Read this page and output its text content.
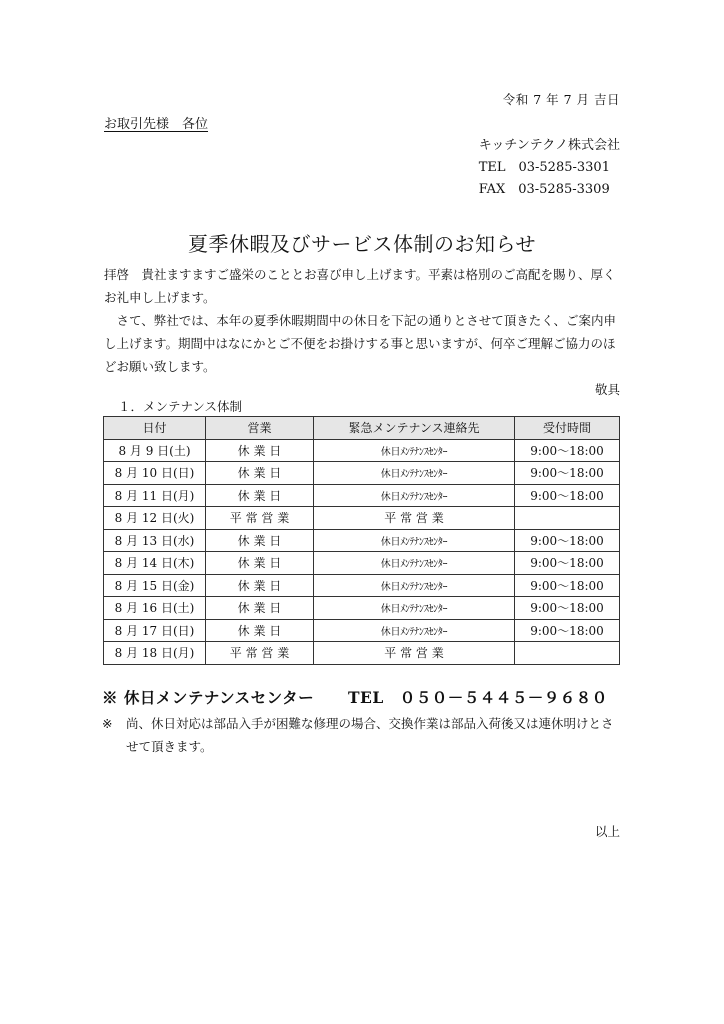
令和 7 年 7 月 吉日
お取引先様　各位
キッチンテクノ株式会社
TEL　03-5285-3301
FAX　03-5285-3309
夏季休暇及びサービス体制のお知らせ

拝啓　貴社ますますご盛栄のこととお喜び申し上げます。平素は格別のご高配を賜り、厚くお礼申し上げます。

　さて、弊社では、本年の夏季休暇期間中の休日を下記の通りとさせて頂きたく、ご案内申し上げます。期間中はなにかとご不便をお掛けする事と思いますが、何卒ご理解ご協力のほどお願い致します。

敬具

１．メンテナンス体制
日付	営業	緊急メンテナンス連絡先	受付時間
8 月 9 日(土)	休 業 日	休日ﾒﾝﾃﾅﾝｽｾﾝﾀｰ	9:00～18:00
8 月 10 日(日)	休 業 日	休日ﾒﾝﾃﾅﾝｽｾﾝﾀｰ	9:00～18:00
8 月 11 日(月)	休 業 日	休日ﾒﾝﾃﾅﾝｽｾﾝﾀｰ	9:00～18:00
8 月 12 日(火)	平 常 営 業	平 常 営 業	
8 月 13 日(水)	休 業 日	休日ﾒﾝﾃﾅﾝｽｾﾝﾀｰ	9:00～18:00
8 月 14 日(木)	休 業 日	休日ﾒﾝﾃﾅﾝｽｾﾝﾀｰ	9:00～18:00
8 月 15 日(金)	休 業 日	休日ﾒﾝﾃﾅﾝｽｾﾝﾀｰ	9:00～18:00
8 月 16 日(土)	休 業 日	休日ﾒﾝﾃﾅﾝｽｾﾝﾀｰ	9:00～18:00
8 月 17 日(日)	休 業 日	休日ﾒﾝﾃﾅﾝｽｾﾝﾀｰ	9:00～18:00
8 月 18 日(月)	平 常 営 業	平 常 営 業	
※ 休日メンテナンスセンター TEL　０５０－５４４５－９６８０
※ 尚、休日対応は部品入手が困難な修理の場合、交換作業は部品入荷後又は連休明けとさせて頂きます。
以上
